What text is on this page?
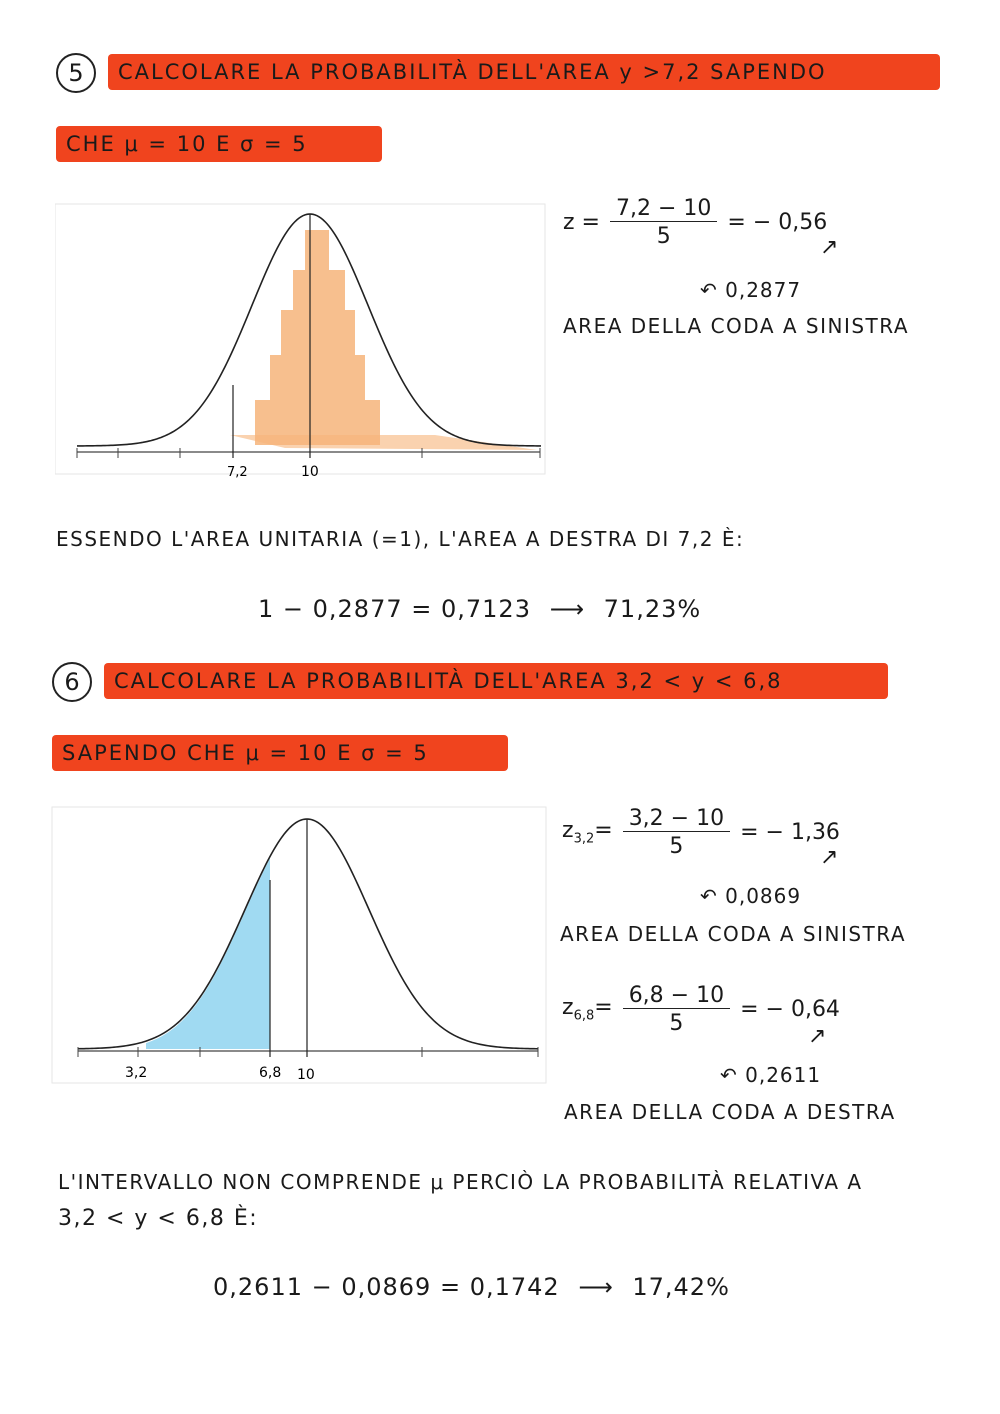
5	CALCOLARE LA PROBABILITÀ DELL'AREA y >7,2 SAPENDO
CHE μ = 10 E σ = 5
7,2	10
$z = \frac{7,2 - 10}{5}$ = − 0,56
↗
↶ 0,2877
AREA DELLA CODA A SINISTRA
ESSENDO L'AREA UNITARIA (=1), L'AREA A DESTRA DI 7,2 È:
1 − 0,2877 = 0,7123 ⟶ 71,23%
6	CALCOLARE LA PROBABILITÀ DELL'AREA 3,2 < y < 6,8
SAPENDO CHE μ = 10 E σ = 5
3,2	6,8 10
$z_{3,2}= \frac{3,2 - 10}{5}$ = − 1,36
↗
↶ 0,0869
AREA DELLA CODA A SINISTRA
$z_{6,8}= \frac{6,8 - 10}{5}$ = − 0,64
↗
↶ 0,2611
AREA DELLA CODA A DESTRA
L'INTERVALLO NON COMPRENDE μ PERCIÒ LA PROBABILITÀ RELATIVA A
3,2 < y < 6,8 È:
0,2611 − 0,0869 = 0,1742 ⟶ 17,42%
